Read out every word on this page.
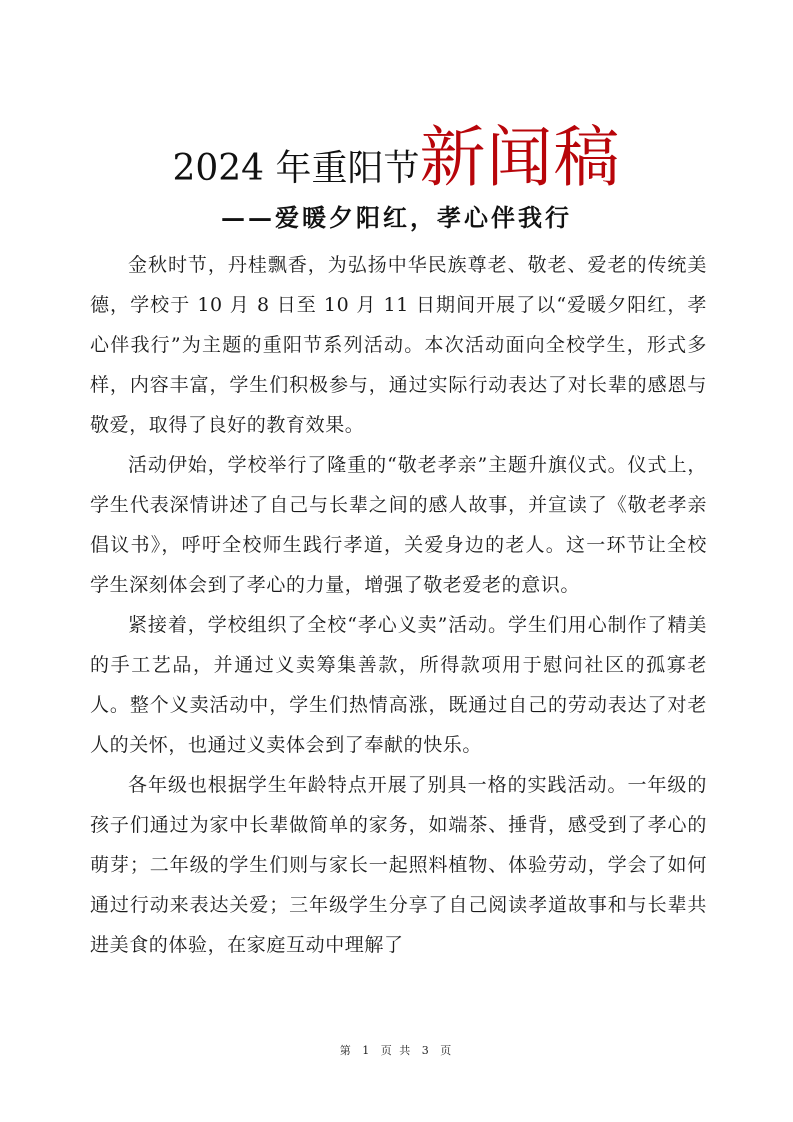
2024 年重阳节新闻稿
——爱暖夕阳红，孝心伴我行

金秋时节，丹桂飘香，为弘扬中华民族尊老、敬老、爱老的传统美德，学校于 10 月 8 日至 10 月 11 日期间开展了以“爱暖夕阳红，孝心伴我行”为主题的重阳节系列活动。本次活动面向全校学生，形式多样，内容丰富，学生们积极参与，通过实际行动表达了对长辈的感恩与敬爱，取得了良好的教育效果。

活动伊始，学校举行了隆重的“敬老孝亲”主题升旗仪式。仪式上，学生代表深情讲述了自己与长辈之间的感人故事，并宣读了《敬老孝亲倡议书》，呼吁全校师生践行孝道，关爱身边的老人。这一环节让全校学生深刻体会到了孝心的力量，增强了敬老爱老的意识。

紧接着，学校组织了全校“孝心义卖”活动。学生们用心制作了精美的手工艺品，并通过义卖筹集善款，所得款项用于慰问社区的孤寡老人。整个义卖活动中，学生们热情高涨，既通过自己的劳动表达了对老人的关怀，也通过义卖体会到了奉献的快乐。

各年级也根据学生年龄特点开展了别具一格的实践活动。一年级的孩子们通过为家中长辈做简单的家务，如端茶、捶背，感受到了孝心的萌芽；二年级的学生们则与家长一起照料植物、体验劳动，学会了如何通过行动来表达关爱；三年级学生分享了自己阅读孝道故事和与长辈共进美食的体验，在家庭互动中理解了

第 1 页 共 3 页
